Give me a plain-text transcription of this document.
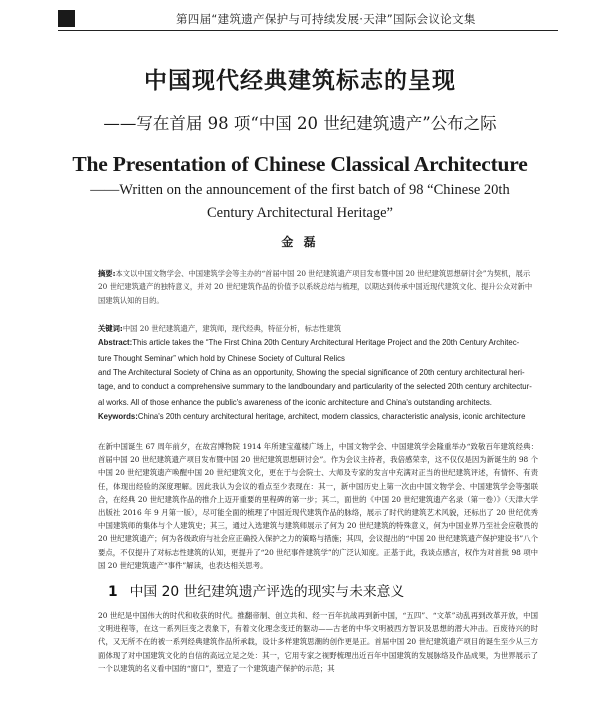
第四届“建筑遗产保护与可持续发展·天津”国际会议论文集
中国现代经典建筑标志的呈现
——写在首届 98 项“中国 20 世纪建筑遗产”公布之际
The Presentation of Chinese Classical Architecture
——Written on the announcement of the first batch of 98 “Chinese 20th
Century Architectural Heritage”
金 磊
摘要:本文以中国文物学会、中国建筑学会等主办的“首届中国 20 世纪建筑遗产项目发布暨中国 20 世纪建筑思想研讨会”为契机，展示 20 世纪建筑遗产的独特意义，并对 20 世纪建筑作品的价值予以系统总结与梳理，以期达到传承中国近现代建筑文化、提升公众对新中国建筑认知的目的。
关键词:中国 20 世纪建筑遗产，建筑师，现代经典，特征分析，标志性建筑
Abstract:This article takes the “The First China 20th Century Architectural Heritage Project and the 20th Century Architec-
ture Thought Seminar” which hold by Chinese Society of Cultural Relics
and The Architectural Society of China as an opportunity, Showing the special significance of 20th century architectural heri-
tage, and to conduct a comprehensive summary to the landboundary and particularity of the selected 20th century architectur-
al works. All of those enhance the public's awareness of the iconic architecture and China's outstanding architects.
Keywords:China's 20th century architectural heritage, architect, modern classics, characteristic analysis, iconic architecture
在新中国诞生 67 周年前夕，在故宫博物院 1914 年所建宝蕴楼广场上，中国文物学会、中国建筑学会隆重举办“致敬百年建筑经典：首届中国 20 世纪建筑遗产项目发布暨中国 20 世纪建筑思想研讨会”。作为会议主持者，我倍感荣幸，这不仅仅是因为新诞生的 98 个中国 20 世纪建筑遗产唤醒中国 20 世纪建筑文化，更在于与会院士、大师及专家的发言中充满对正当的世纪建筑评述，有情怀、有责任，体现出经验的深度理解。因此我认为会议的看点至少表现在：其一，新中国历史上第一次由中国文物学会、中国建筑学会等强联合，在经典 20 世纪建筑作品的推介上迈开重要的里程碑的第一步；其二，面世的《中国 20 世纪建筑遗产名录（第一卷）》（天津大学出版社 2016 年 9 月第一版），尽可能全面的梳理了中国近现代建筑作品的脉络，展示了时代的建筑艺术风貌，还标出了 20 世纪优秀中国建筑师的集体与个人建筑史；其三，通过入选建筑与建筑师展示了何为 20 世纪建筑的特殊意义，何为中国业界乃至社会应敬畏的 20 世纪建筑遗产；何为各级政府与社会应正确投入保护之力的策略与措施；其四，会议提出的“中国 20 世纪建筑遗产保护建设书”八个要点，不仅提升了对标志性建筑的认知，更提升了“20 世纪事件建筑学”的广泛认知度。正基于此，我谈点感言，权作为对首批 98 项中国 20 世纪建筑遗产“事件”解读，也表达相关思考。
1 中国 20 世纪建筑遗产评选的现实与未来意义
20 世纪是中国伟大的时代和收获的时代。推翻帝制、创立共和、经一百年抗战再到新中国，“五四”、“文革”动乱再到改革开放，中国文明进程等，在这一系列巨变之表象下，有着文化理念变迁的躯动——古老的中华文明被西方智识及思想的潜大冲击。百废待兴的时代，又无所不在的被一系列经典建筑作品所承载，设计多样建筑思潮的创作更是正。首届中国 20 世纪建筑遗产项目的诞生至少从三方面体现了对中国建筑文化的自信的高远立足之处：其一，它用专家之视野梳理出近百年中国建筑的发展脉络及作品成果，为世界展示了一个以建筑的名义看中国的“窗口”，塑造了一个建筑遗产保护的示范；其
